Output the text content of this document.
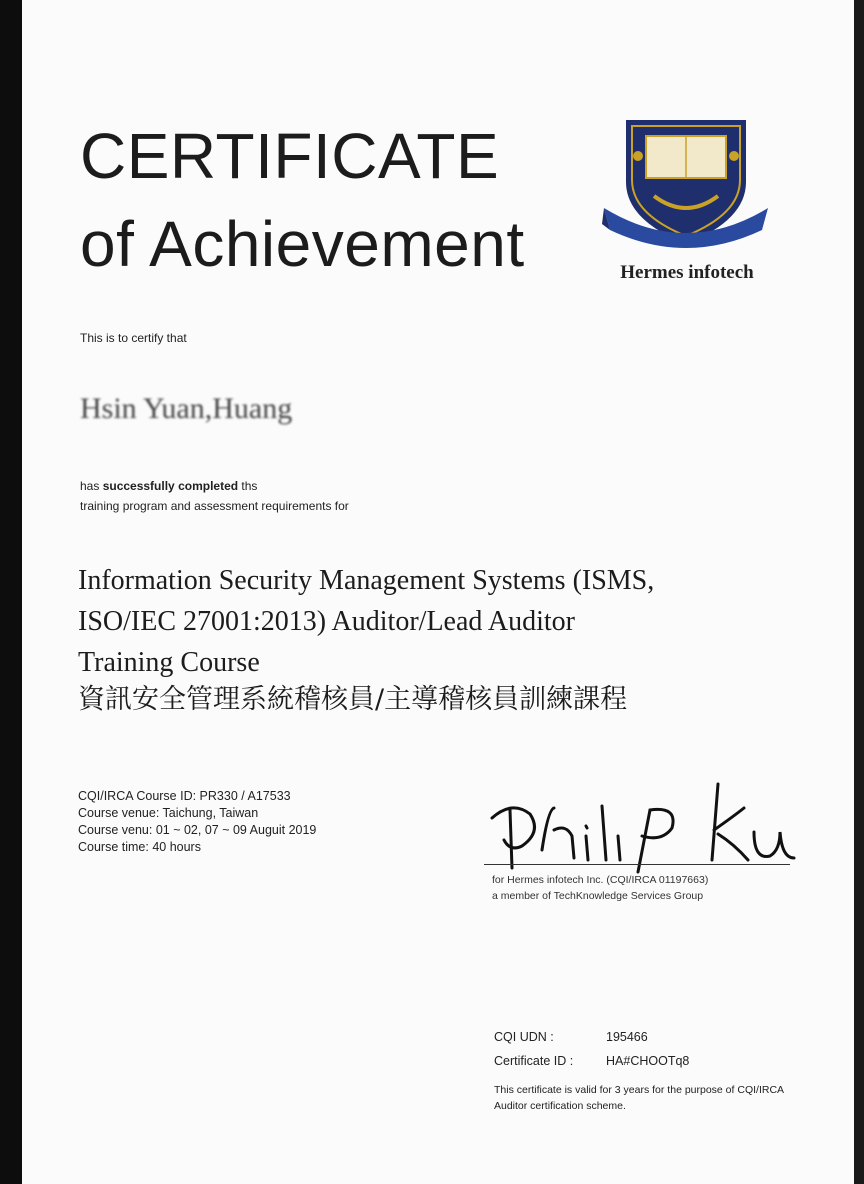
CERTIFICATE
of Achievement	Hermes infotech
This is to certify that
Hsin Yuan,Huang
has successfully completed ths
training program and assessment requirements for
Information Security Management Systems (ISMS,
ISO/IEC 27001:2013) Auditor/Lead Auditor
Training Course
資訊安全管理系統稽核員/主導稽核員訓練課程
CQI/IRCA Course ID: PR330 / A17533
Course venue: Taichung, Taiwan
Course venu: 01 ~ 02, 07 ~ 09 Auguit 2019
Course time: 40 hours
for Hermes infotech Inc. (CQI/IRCA 01197663)
a member of TechKnowledge Services Group
CQI UDN :	195466
Certificate ID :	HA#CHOOTq8
This certificate is valid for 3 years for the purpose of CQI/IRCA Auditor certification scheme.
